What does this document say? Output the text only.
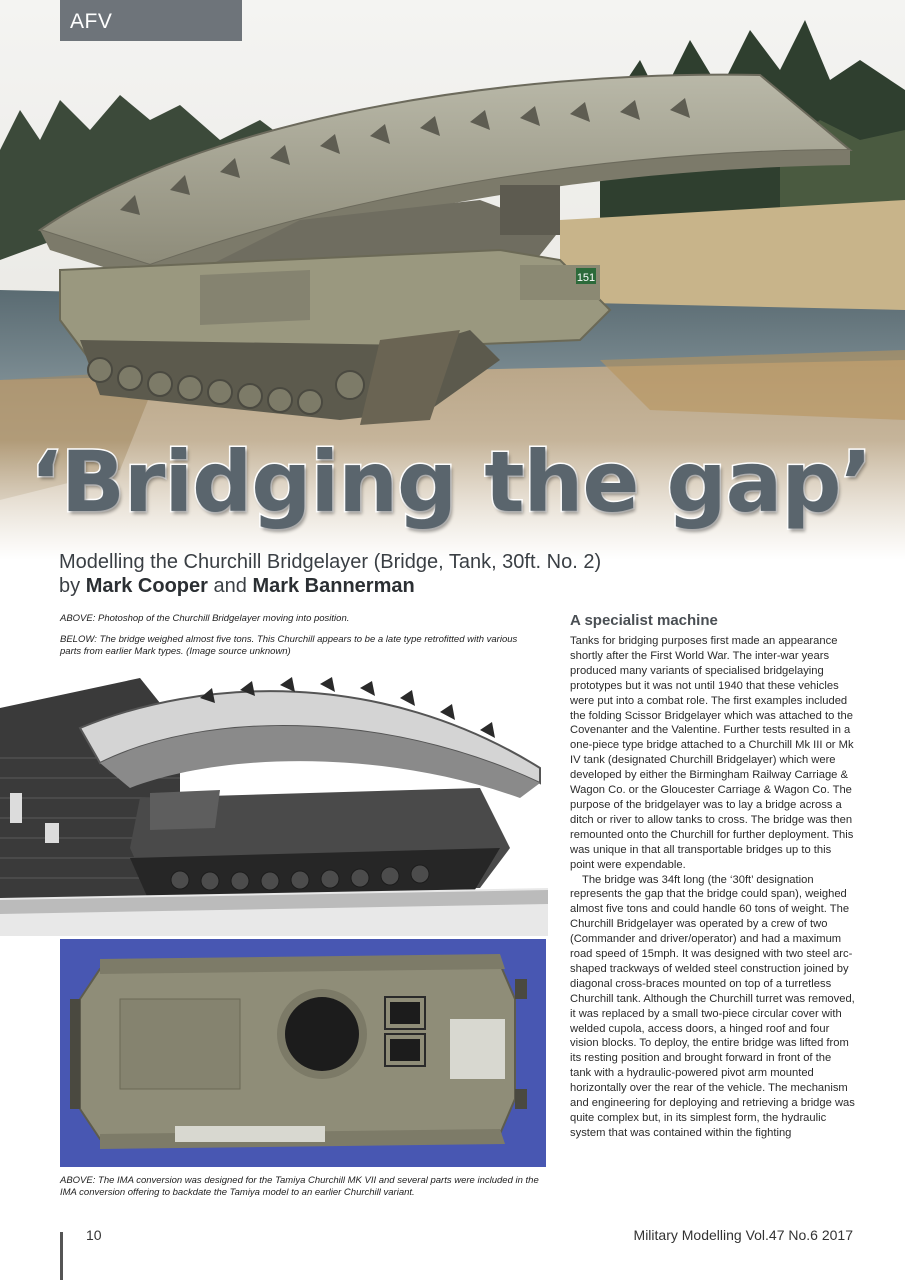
151
AFV
‘Bridging the gap’
Modelling the Churchill Bridgelayer (Bridge, Tank, 30ft. No. 2)
by Mark Cooper and Mark Bannerman
ABOVE: Photoshop of the Churchill Bridgelayer moving into position.
BELOW: The bridge weighed almost five tons. This Churchill appears to be a late type retrofitted with various parts from earlier Mark types. (Image source unknown)
ABOVE: The IMA conversion was designed for the Tamiya Churchill MK VII and several parts were included in the IMA conversion offering to backdate the Tamiya model to an earlier Churchill variant.
A specialist machine

Tanks for bridging purposes first made an appearance shortly after the First World War. The inter-war years produced many variants of specialised bridgelaying prototypes but it was not until 1940 that these vehicles were put into a combat role. The first examples included the folding Scissor Bridgelayer which was attached to the Covenanter and the Valentine. Further tests resulted in a one-piece type bridge attached to a Churchill Mk III or Mk IV tank (designated Churchill Bridgelayer) which were developed by either the Birmingham Railway Carriage & Wagon Co. or the Gloucester Carriage & Wagon Co. The purpose of the bridgelayer was to lay a bridge across a ditch or river to allow tanks to cross. The bridge was then remounted onto the Churchill for further deployment. This was unique in that all transportable bridges up to this point were expendable.

The bridge was 34ft long (the ‘30ft’ designation represents the gap that the bridge could span), weighed almost five tons and could handle 60 tons of weight. The Churchill Bridgelayer was operated by a crew of two (Commander and driver/operator) and had a maximum road speed of 15mph. It was designed with two steel arc-shaped trackways of welded steel construction joined by diagonal cross-braces mounted on top of a turretless Churchill tank. Although the Churchill turret was removed, it was replaced by a small two-piece circular cover with welded cupola, access doors, a hinged roof and four vision blocks. To deploy, the entire bridge was lifted from its resting position and brought forward in front of the tank with a hydraulic-powered pivot arm mounted horizontally over the rear of the vehicle. The mechanism and engineering for deploying and retrieving a bridge was quite complex but, in its simplest form, the hydraulic system that was contained within the fighting

10	Military Modelling Vol.47 No.6 2017
